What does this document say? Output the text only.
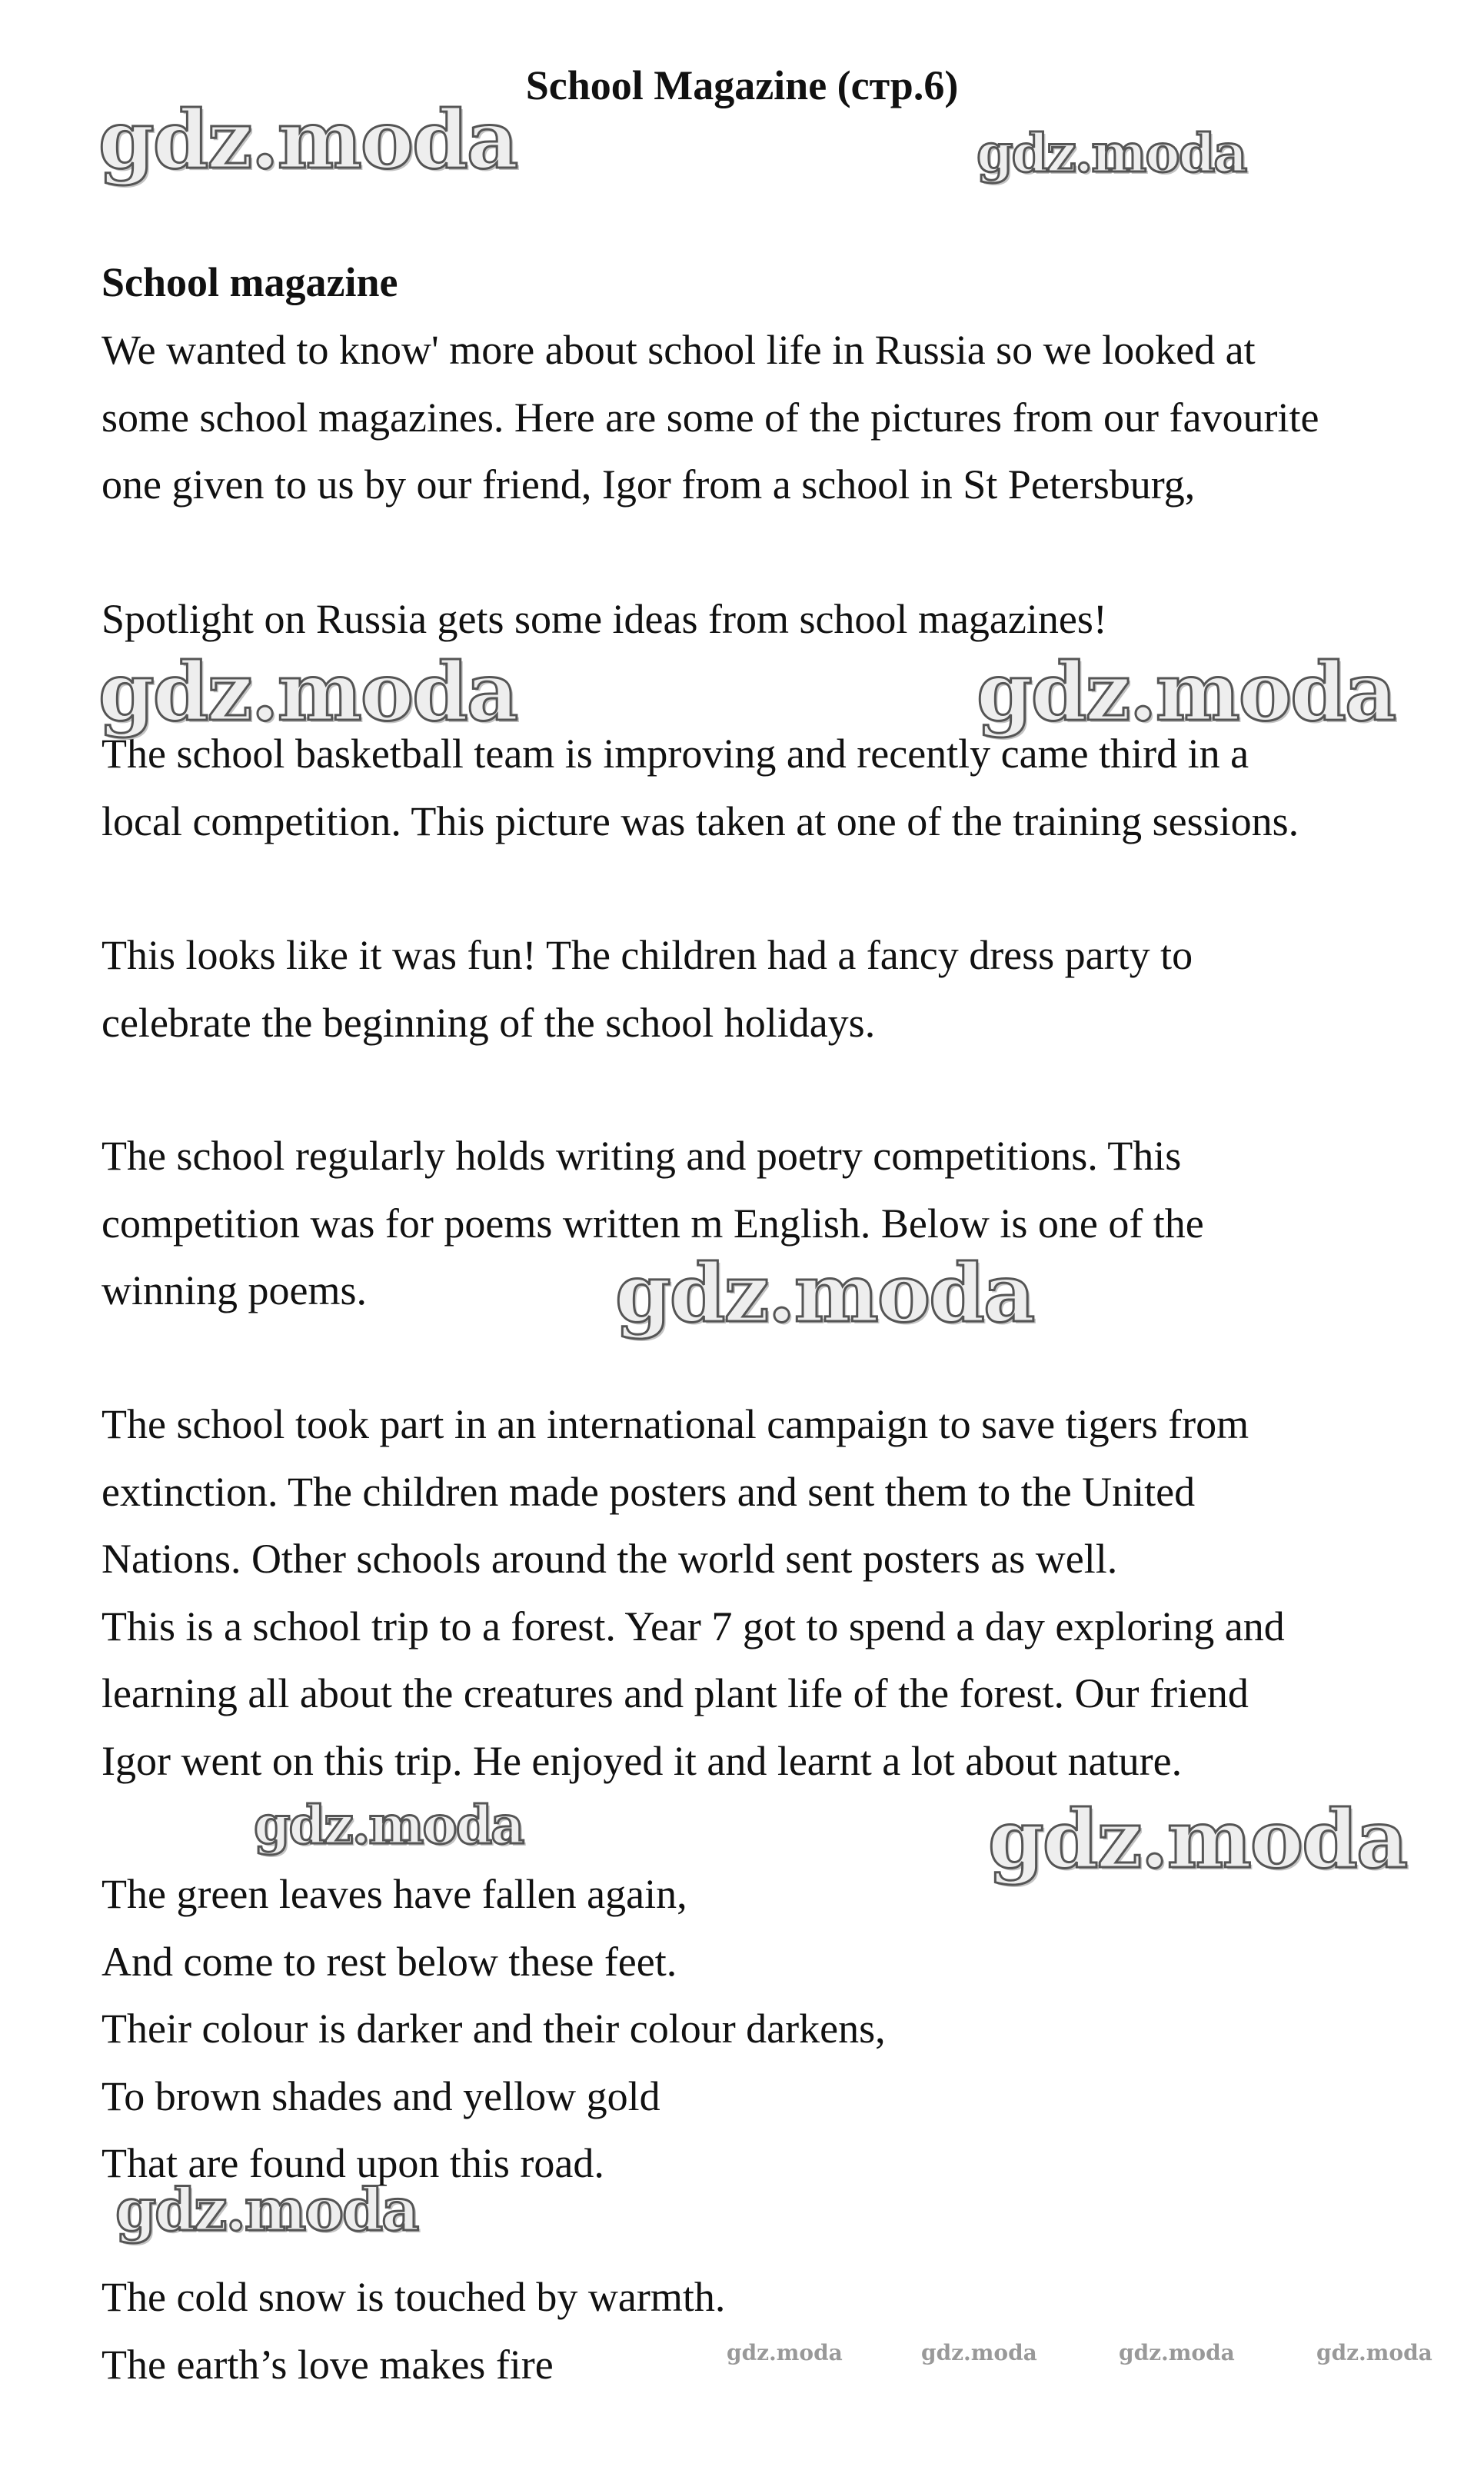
School Magazine (стр.6)
School magazine
We wanted to know' more about school life in Russia so we looked at
some school magazines. Here are some of the pictures from our favourite
one given to us by our friend, Igor from a school in St Petersburg,
Spotlight on Russia gets some ideas from school magazines!
The school basketball team is improving and recently came third in a
local competition. This picture was taken at one of the training sessions.
This looks like it was fun! The children had a fancy dress party to
celebrate the beginning of the school holidays.
The school regularly holds writing and poetry competitions. This
competition was for poems written m English. Below is one of the
winning poems.
The school took part in an international campaign to save tigers from
extinction. The children made posters and sent them to the United
Nations. Other schools around the world sent posters as well.
This is a school trip to a forest. Year 7 got to spend a day exploring and
learning all about the creatures and plant life of the forest. Our friend
Igor went on this trip. He enjoyed it and learnt a lot about nature.
The green leaves have fallen again,
And come to rest below these feet.
Their colour is darker and their colour darkens,
To brown shades and yellow gold
That are found upon this road.
The cold snow is touched by warmth.
The earth’s love makes fire
gdz.moda	gdz.moda
gdz.moda	gdz.moda
gdz.moda
gdz.moda	gdz.moda
gdz.moda
gdz.moda	gdz.moda	gdz.moda	gdz.moda
